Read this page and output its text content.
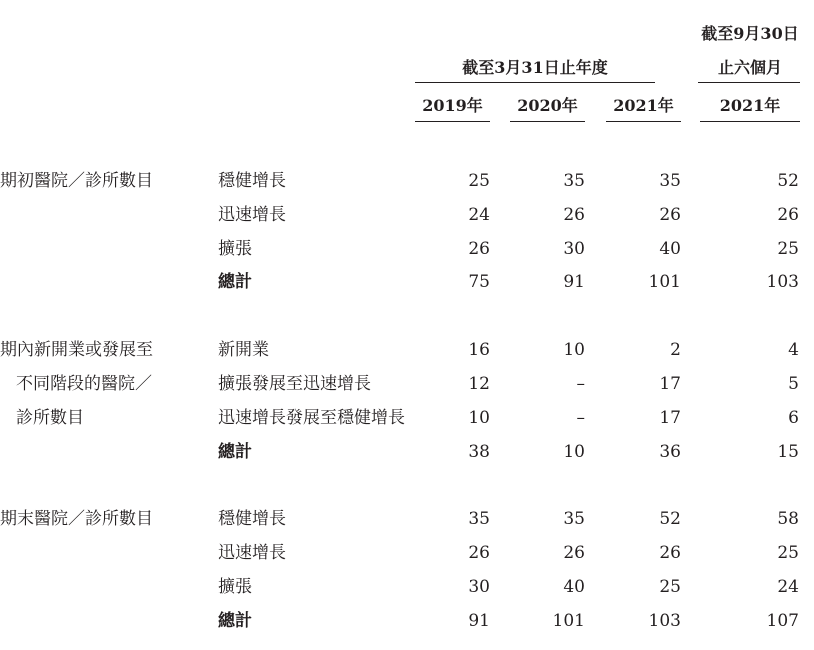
截至9月30日
止六個月
截至3月31日止年度
2019年	2020年	2021年	2021年
期初醫院／診所數目	穩健增長	25	35	35	52
迅速增長	24	26	26	26
擴張	26	30	40	25
總計	75	91	101	103
期內新開業或發展至
不同階段的醫院／
診所數目
新開業	16	10	2	4
擴張發展至迅速增長	12	–	17	5
迅速增長發展至穩健增長	10	–	17	6
總計	38	10	36	15
期末醫院／診所數目	穩健增長	35	35	52	58
迅速增長	26	26	26	25
擴張	30	40	25	24
總計	91	101	103	107
